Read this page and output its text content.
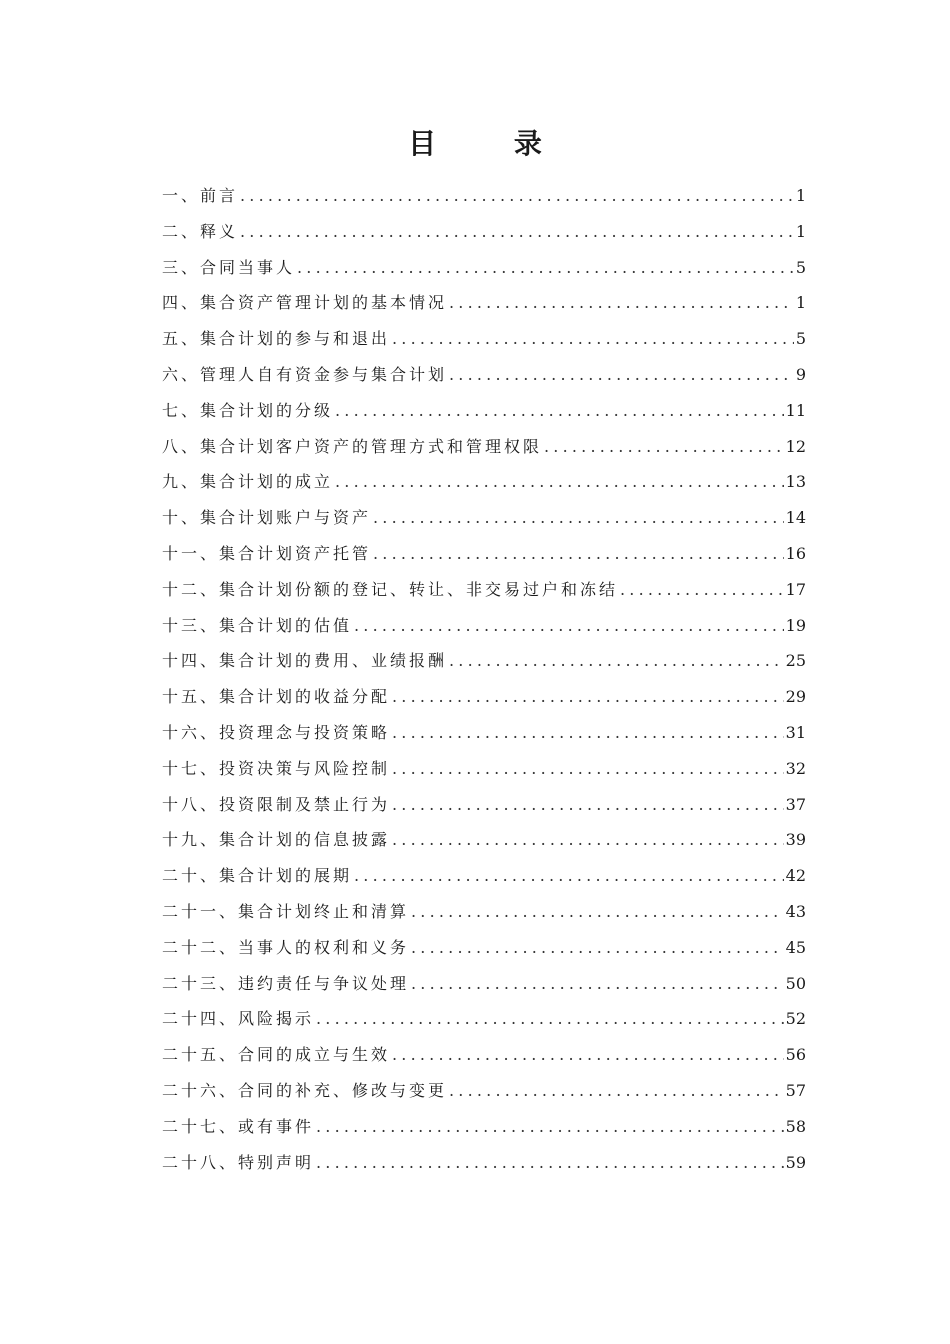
目 录
一、前言 .....	1
二、释义 .....	1
三、合同当事人 .....	5
四、集合资产管理计划的基本情况 .....	1
五、集合计划的参与和退出 .....	5
六、管理人自有资金参与集合计划 .....	9
七、集合计划的分级 .....	11
八、集合计划客户资产的管理方式和管理权限 .....	12
九、集合计划的成立 .....	13
十、集合计划账户与资产 .....	14
十一、集合计划资产托管 .....	16
十二、集合计划份额的登记、转让、非交易过户和冻结 .....	17
十三、集合计划的估值 .....	19
十四、集合计划的费用、业绩报酬 .....	25
十五、集合计划的收益分配 .....	29
十六、投资理念与投资策略 .....	31
十七、投资决策与风险控制 .....	32
十八、投资限制及禁止行为 .....	37
十九、集合计划的信息披露 .....	39
二十、集合计划的展期 .....	42
二十一、集合计划终止和清算 .....	43
二十二、当事人的权利和义务 .....	45
二十三、违约责任与争议处理 .....	50
二十四、风险揭示 .....	52
二十五、合同的成立与生效 .....	56
二十六、合同的补充、修改与变更 .....	57
二十七、或有事件 .....	58
二十八、特别声明 .....	59
